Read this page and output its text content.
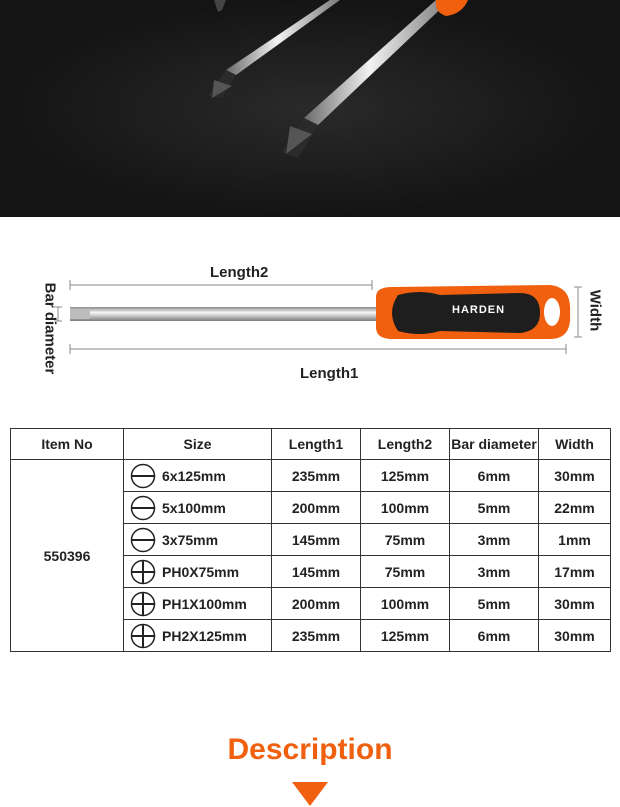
Length2
Length1
Bar diameter	Width
HARDEN
Item No	Size	Length1	Length2	Bar diameter	Width
550396	6x125mm	235mm	125mm	6mm	30mm
	5x100mm	200mm	100mm	5mm	22mm
	3x75mm	145mm	75mm	3mm	1mm
	PH0X75mm	145mm	75mm	3mm	17mm
	PH1X100mm	200mm	100mm	5mm	30mm
	PH2X125mm	235mm	125mm	6mm	30mm
Description
